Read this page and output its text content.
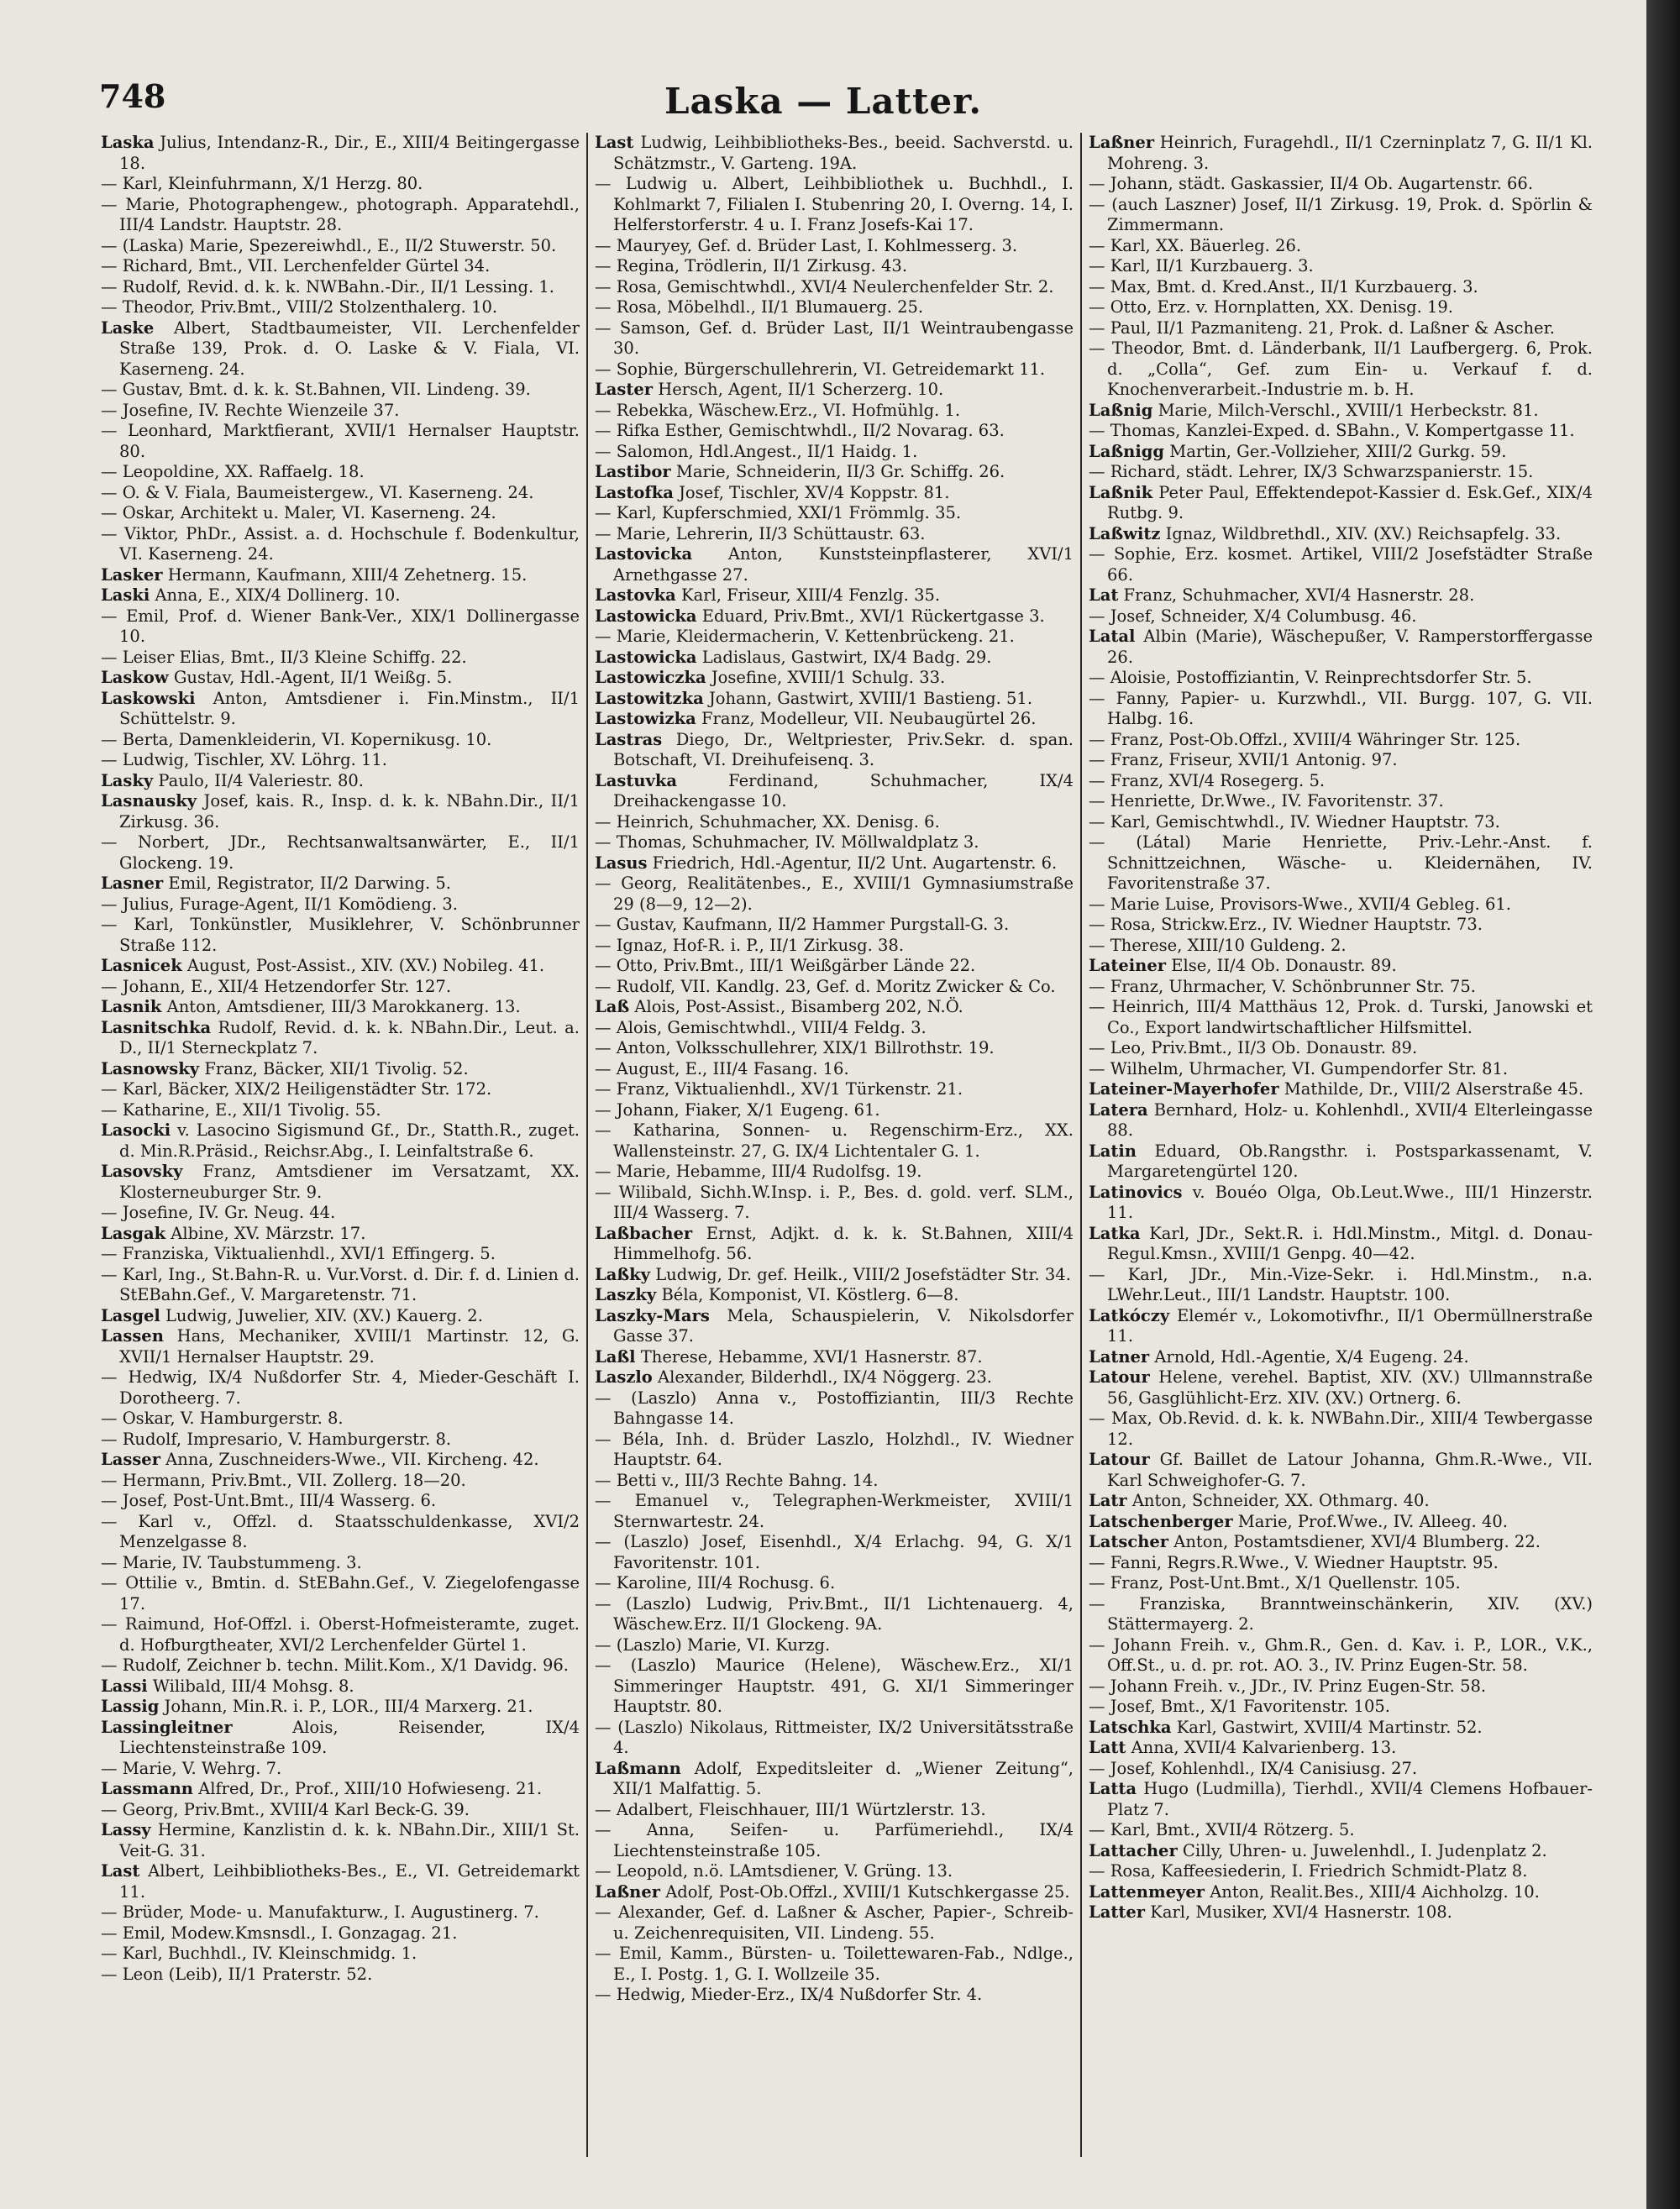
748	Laska — Latter.

Laska Julius, Intendanz-R., Dir., E., XIII/4 Beitingergasse 18.

— Karl, Kleinfuhrmann, X/1 Herzg. 80.

— Marie, Photographengew., photograph. Apparatehdl., III/4 Landstr. Hauptstr. 28.

— (Laska) Marie, Spezereiwhdl., E., II/2 Stuwerstr. 50.

— Richard, Bmt., VII. Lerchenfelder Gürtel 34.

— Rudolf, Revid. d. k. k. NWBahn.-Dir., II/1 Lessing. 1.

— Theodor, Priv.Bmt., VIII/2 Stolzenthalerg. 10.

Laske Albert, Stadtbaumeister, VII. Lerchenfelder Straße 139, Prok. d. O. Laske & V. Fiala, VI. Kaserneng. 24.

— Gustav, Bmt. d. k. k. St.Bahnen, VII. Lindeng. 39.

— Josefine, IV. Rechte Wienzeile 37.

— Leonhard, Marktfierant, XVII/1 Hernalser Hauptstr. 80.

— Leopoldine, XX. Raffaelg. 18.

— O. & V. Fiala, Baumeistergew., VI. Kaserneng. 24.

— Oskar, Architekt u. Maler, VI. Kaserneng. 24.

— Viktor, PhDr., Assist. a. d. Hochschule f. Bodenkultur, VI. Kaserneng. 24.

Lasker Hermann, Kaufmann, XIII/4 Zehetnerg. 15.

Laski Anna, E., XIX/4 Dollinerg. 10.

— Emil, Prof. d. Wiener Bank-Ver., XIX/1 Dollinergasse 10.

— Leiser Elias, Bmt., II/3 Kleine Schiffg. 22.

Laskow Gustav, Hdl.-Agent, II/1 Weißg. 5.

Laskowski Anton, Amtsdiener i. Fin.Minstm., II/1 Schüttelstr. 9.

— Berta, Damenkleiderin, VI. Kopernikusg. 10.

— Ludwig, Tischler, XV. Löhrg. 11.

Lasky Paulo, II/4 Valeriestr. 80.

Lasnausky Josef, kais. R., Insp. d. k. k. NBahn.Dir., II/1 Zirkusg. 36.

— Norbert, JDr., Rechtsanwaltsanwärter, E., II/1 Glockeng. 19.

Lasner Emil, Registrator, II/2 Darwing. 5.

— Julius, Furage-Agent, II/1 Komödieng. 3.

— Karl, Tonkünstler, Musiklehrer, V. Schönbrunner Straße 112.

Lasnicek August, Post-Assist., XIV. (XV.) Nobileg. 41.

— Johann, E., XII/4 Hetzendorfer Str. 127.

Lasnik Anton, Amtsdiener, III/3 Marokkanerg. 13.

Lasnitschka Rudolf, Revid. d. k. k. NBahn.Dir., Leut. a. D., II/1 Sterneckplatz 7.

Lasnowsky Franz, Bäcker, XII/1 Tivolig. 52.

— Karl, Bäcker, XIX/2 Heiligenstädter Str. 172.

— Katharine, E., XII/1 Tivolig. 55.

Lasocki v. Lasocino Sigismund Gf., Dr., Statth.R., zuget. d. Min.R.Präsid., Reichsr.Abg., I. Leinfaltstraße 6.

Lasovsky Franz, Amtsdiener im Versatzamt, XX. Klosterneuburger Str. 9.

— Josefine, IV. Gr. Neug. 44.

Lasgak Albine, XV. Märzstr. 17.

— Franziska, Viktualienhdl., XVI/1 Effingerg. 5.

— Karl, Ing., St.Bahn-R. u. Vur.Vorst. d. Dir. f. d. Linien d. StEBahn.Gef., V. Margaretenstr. 71.

Lasgel Ludwig, Juwelier, XIV. (XV.) Kauerg. 2.

Lassen Hans, Mechaniker, XVIII/1 Martinstr. 12, G. XVII/1 Hernalser Hauptstr. 29.

— Hedwig, IX/4 Nußdorfer Str. 4, Mieder-Geschäft I. Dorotheerg. 7.

— Oskar, V. Hamburgerstr. 8.

— Rudolf, Impresario, V. Hamburgerstr. 8.

Lasser Anna, Zuschneiders-Wwe., VII. Kircheng. 42.

— Hermann, Priv.Bmt., VII. Zollerg. 18—20.

— Josef, Post-Unt.Bmt., III/4 Wasserg. 6.

— Karl v., Offzl. d. Staatsschuldenkasse, XVI/2 Menzelgasse 8.

— Marie, IV. Taubstummeng. 3.

— Ottilie v., Bmtin. d. StEBahn.Gef., V. Ziegelofengasse 17.

— Raimund, Hof-Offzl. i. Oberst-Hofmeisteramte, zuget. d. Hofburgtheater, XVI/2 Lerchenfelder Gürtel 1.

— Rudolf, Zeichner b. techn. Milit.Kom., X/1 Davidg. 96.

Lassi Wilibald, III/4 Mohsg. 8.

Lassig Johann, Min.R. i. P., LOR., III/4 Marxerg. 21.

Lassingleitner Alois, Reisender, IX/4 Liechtensteinstraße 109.

— Marie, V. Wehrg. 7.

Lassmann Alfred, Dr., Prof., XIII/10 Hofwieseng. 21.

— Georg, Priv.Bmt., XVIII/4 Karl Beck-G. 39.

Lassy Hermine, Kanzlistin d. k. k. NBahn.Dir., XIII/1 St. Veit-G. 31.

Last Albert, Leihbibliotheks-Bes., E., VI. Getreidemarkt 11.

— Brüder, Mode- u. Manufakturw., I. Augustinerg. 7.

— Emil, Modew.Kmsnsdl., I. Gonzagag. 21.

— Karl, Buchhdl., IV. Kleinschmidg. 1.

— Leon (Leib), II/1 Praterstr. 52.

Last Ludwig, Leihbibliotheks-Bes., beeid. Sachverstd. u. Schätzmstr., V. Garteng. 19A.

— Ludwig u. Albert, Leihbibliothek u. Buchhdl., I. Kohlmarkt 7, Filialen I. Stubenring 20, I. Overng. 14, I. Helferstorferstr. 4 u. I. Franz Josefs-Kai 17.

— Mauryey, Gef. d. Brüder Last, I. Kohlmesserg. 3.

— Regina, Trödlerin, II/1 Zirkusg. 43.

— Rosa, Gemischtwhdl., XVI/4 Neulerchenfelder Str. 2.

— Rosa, Möbelhdl., II/1 Blumauerg. 25.

— Samson, Gef. d. Brüder Last, II/1 Weintraubengasse 30.

— Sophie, Bürgerschullehrerin, VI. Getreidemarkt 11.

Laster Hersch, Agent, II/1 Scherzerg. 10.

— Rebekka, Wäschew.Erz., VI. Hofmühlg. 1.

— Rifka Esther, Gemischtwhdl., II/2 Novarag. 63.

— Salomon, Hdl.Angest., II/1 Haidg. 1.

Lastibor Marie, Schneiderin, II/3 Gr. Schiffg. 26.

Lastofka Josef, Tischler, XV/4 Koppstr. 81.

— Karl, Kupferschmied, XXI/1 Frömmlg. 35.

— Marie, Lehrerin, II/3 Schüttaustr. 63.

Lastovicka Anton, Kunststeinpflasterer, XVI/1 Arnethgasse 27.

Lastovka Karl, Friseur, XIII/4 Fenzlg. 35.

Lastowicka Eduard, Priv.Bmt., XVI/1 Rückertgasse 3.

— Marie, Kleidermacherin, V. Kettenbrückeng. 21.

Lastowicka Ladislaus, Gastwirt, IX/4 Badg. 29.

Lastowiczka Josefine, XVIII/1 Schulg. 33.

Lastowitzka Johann, Gastwirt, XVIII/1 Bastieng. 51.

Lastowizka Franz, Modelleur, VII. Neubaugürtel 26.

Lastras Diego, Dr., Weltpriester, Priv.Sekr. d. span. Botschaft, VI. Dreihufeisenq. 3.

Lastuvka Ferdinand, Schuhmacher, IX/4 Dreihackengasse 10.

— Heinrich, Schuhmacher, XX. Denisg. 6.

— Thomas, Schuhmacher, IV. Möllwaldplatz 3.

Lasus Friedrich, Hdl.-Agentur, II/2 Unt. Augartenstr. 6.

— Georg, Realitätenbes., E., XVIII/1 Gymnasiumstraße 29 (8—9, 12—2).

— Gustav, Kaufmann, II/2 Hammer Purgstall-G. 3.

— Ignaz, Hof-R. i. P., II/1 Zirkusg. 38.

— Otto, Priv.Bmt., III/1 Weißgärber Lände 22.

— Rudolf, VII. Kandlg. 23, Gef. d. Moritz Zwicker & Co.

Laß Alois, Post-Assist., Bisamberg 202, N.Ö.

— Alois, Gemischtwhdl., VIII/4 Feldg. 3.

— Anton, Volksschullehrer, XIX/1 Billrothstr. 19.

— August, E., III/4 Fasang. 16.

— Franz, Viktualienhdl., XV/1 Türkenstr. 21.

— Johann, Fiaker, X/1 Eugeng. 61.

— Katharina, Sonnen- u. Regenschirm-Erz., XX. Wallensteinstr. 27, G. IX/4 Lichtentaler G. 1.

— Marie, Hebamme, III/4 Rudolfsg. 19.

— Wilibald, Sichh.W.Insp. i. P., Bes. d. gold. verf. SLM., III/4 Wasserg. 7.

Laßbacher Ernst, Adjkt. d. k. k. St.Bahnen, XIII/4 Himmelhofg. 56.

Laßky Ludwig, Dr. gef. Heilk., VIII/2 Josefstädter Str. 34.

Laszky Béla, Komponist, VI. Köstlerg. 6—8.

Laszky-Mars Mela, Schauspielerin, V. Nikolsdorfer Gasse 37.

Laßl Therese, Hebamme, XVI/1 Hasnerstr. 87.

Laszlo Alexander, Bilderhdl., IX/4 Nöggerg. 23.

— (Laszlo) Anna v., Postoffiziantin, III/3 Rechte Bahngasse 14.

— Béla, Inh. d. Brüder Laszlo, Holzhdl., IV. Wiedner Hauptstr. 64.

— Betti v., III/3 Rechte Bahng. 14.

— Emanuel v., Telegraphen-Werkmeister, XVIII/1 Sternwartestr. 24.

— (Laszlo) Josef, Eisenhdl., X/4 Erlachg. 94, G. X/1 Favoritenstr. 101.

— Karoline, III/4 Rochusg. 6.

— (Laszlo) Ludwig, Priv.Bmt., II/1 Lichtenauerg. 4, Wäschew.Erz. II/1 Glockeng. 9A.

— (Laszlo) Marie, VI. Kurzg.

— (Laszlo) Maurice (Helene), Wäschew.Erz., XI/1 Simmeringer Hauptstr. 491, G. XI/1 Simmeringer Hauptstr. 80.

— (Laszlo) Nikolaus, Rittmeister, IX/2 Universitätsstraße 4.

Laßmann Adolf, Expeditsleiter d. „Wiener Zeitung“, XII/1 Malfattig. 5.

— Adalbert, Fleischhauer, III/1 Würtzlerstr. 13.

— Anna, Seifen- u. Parfümeriehdl., IX/4 Liechtensteinstraße 105.

— Leopold, n.ö. LAmtsdiener, V. Grüng. 13.

Laßner Adolf, Post-Ob.Offzl., XVIII/1 Kutschkergasse 25.

— Alexander, Gef. d. Laßner & Ascher, Papier-, Schreib- u. Zeichenrequisiten, VII. Lindeng. 55.

— Emil, Kamm., Bürsten- u. Toilettewaren-Fab., Ndlge., E., I. Postg. 1, G. I. Wollzeile 35.

— Hedwig, Mieder-Erz., IX/4 Nußdorfer Str. 4.

Laßner Heinrich, Furagehdl., II/1 Czerninplatz 7, G. II/1 Kl. Mohreng. 3.

— Johann, städt. Gaskassier, II/4 Ob. Augartenstr. 66.

— (auch Laszner) Josef, II/1 Zirkusg. 19, Prok. d. Spörlin & Zimmermann.

— Karl, XX. Bäuerleg. 26.

— Karl, II/1 Kurzbauerg. 3.

— Max, Bmt. d. Kred.Anst., II/1 Kurzbauerg. 3.

— Otto, Erz. v. Hornplatten, XX. Denisg. 19.

— Paul, II/1 Pazmaniteng. 21, Prok. d. Laßner & Ascher.

— Theodor, Bmt. d. Länderbank, II/1 Laufbergerg. 6, Prok. d. „Colla“, Gef. zum Ein- u. Verkauf f. d. Knochenverarbeit.-Industrie m. b. H.

Laßnig Marie, Milch-Verschl., XVIII/1 Herbeckstr. 81.

— Thomas, Kanzlei-Exped. d. SBahn., V. Kompertgasse 11.

Laßnigg Martin, Ger.-Vollzieher, XIII/2 Gurkg. 59.

— Richard, städt. Lehrer, IX/3 Schwarzspanierstr. 15.

Laßnik Peter Paul, Effektendepot-Kassier d. Esk.Gef., XIX/4 Rutbg. 9.

Laßwitz Ignaz, Wildbrethdl., XIV. (XV.) Reichsapfelg. 33.

— Sophie, Erz. kosmet. Artikel, VIII/2 Josefstädter Straße 66.

Lat Franz, Schuhmacher, XVI/4 Hasnerstr. 28.

— Josef, Schneider, X/4 Columbusg. 46.

Latal Albin (Marie), Wäschepußer, V. Ramperstorffergasse 26.

— Aloisie, Postoffiziantin, V. Reinprechtsdorfer Str. 5.

— Fanny, Papier- u. Kurzwhdl., VII. Burgg. 107, G. VII. Halbg. 16.

— Franz, Post-Ob.Offzl., XVIII/4 Währinger Str. 125.

— Franz, Friseur, XVII/1 Antonig. 97.

— Franz, XVI/4 Rosegerg. 5.

— Henriette, Dr.Wwe., IV. Favoritenstr. 37.

— Karl, Gemischtwhdl., IV. Wiedner Hauptstr. 73.

— (Látal) Marie Henriette, Priv.-Lehr.-Anst. f. Schnittzeichnen, Wäsche- u. Kleidernähen, IV. Favoritenstraße 37.

— Marie Luise, Provisors-Wwe., XVII/4 Gebleg. 61.

— Rosa, Strickw.Erz., IV. Wiedner Hauptstr. 73.

— Therese, XIII/10 Guldeng. 2.

Lateiner Else, II/4 Ob. Donaustr. 89.

— Franz, Uhrmacher, V. Schönbrunner Str. 75.

— Heinrich, III/4 Matthäus 12, Prok. d. Turski, Janowski et Co., Export landwirtschaftlicher Hilfsmittel.

— Leo, Priv.Bmt., II/3 Ob. Donaustr. 89.

— Wilhelm, Uhrmacher, VI. Gumpendorfer Str. 81.

Lateiner-Mayerhofer Mathilde, Dr., VIII/2 Alserstraße 45.

Latera Bernhard, Holz- u. Kohlenhdl., XVII/4 Elterleingasse 88.

Latin Eduard, Ob.Rangsthr. i. Postsparkassenamt, V. Margaretengürtel 120.

Latinovics v. Bouéo Olga, Ob.Leut.Wwe., III/1 Hinzerstr. 11.

Latka Karl, JDr., Sekt.R. i. Hdl.Minstm., Mitgl. d. Donau-Regul.Kmsn., XVIII/1 Genpg. 40—42.

— Karl, JDr., Min.-Vize-Sekr. i. Hdl.Minstm., n.a. LWehr.Leut., III/1 Landstr. Hauptstr. 100.

Latkóczy Elemér v., Lokomotivfhr., II/1 Obermüllnerstraße 11.

Latner Arnold, Hdl.-Agentie, X/4 Eugeng. 24.

Latour Helene, verehel. Baptist, XIV. (XV.) Ullmannstraße 56, Gasglühlicht-Erz. XIV. (XV.) Ortnerg. 6.

— Max, Ob.Revid. d. k. k. NWBahn.Dir., XIII/4 Tewbergasse 12.

Latour Gf. Baillet de Latour Johanna, Ghm.R.-Wwe., VII. Karl Schweighofer-G. 7.

Latr Anton, Schneider, XX. Othmarg. 40.

Latschenberger Marie, Prof.Wwe., IV. Alleeg. 40.

Latscher Anton, Postamtsdiener, XVI/4 Blumberg. 22.

— Fanni, Regrs.R.Wwe., V. Wiedner Hauptstr. 95.

— Franz, Post-Unt.Bmt., X/1 Quellenstr. 105.

— Franziska, Branntweinschänkerin, XIV. (XV.) Stättermayerg. 2.

— Johann Freih. v., Ghm.R., Gen. d. Kav. i. P., LOR., V.K., Off.St., u. d. pr. rot. AO. 3., IV. Prinz Eugen-Str. 58.

— Johann Freih. v., JDr., IV. Prinz Eugen-Str. 58.

— Josef, Bmt., X/1 Favoritenstr. 105.

Latschka Karl, Gastwirt, XVIII/4 Martinstr. 52.

Latt Anna, XVII/4 Kalvarienberg. 13.

— Josef, Kohlenhdl., IX/4 Canisiusg. 27.

Latta Hugo (Ludmilla), Tierhdl., XVII/4 Clemens Hofbauer-Platz 7.

— Karl, Bmt., XVII/4 Rötzerg. 5.

Lattacher Cilly, Uhren- u. Juwelenhdl., I. Judenplatz 2.

— Rosa, Kaffeesiederin, I. Friedrich Schmidt-Platz 8.

Lattenmeyer Anton, Realit.Bes., XIII/4 Aichholzg. 10.

Latter Karl, Musiker, XVI/4 Hasnerstr. 108.
